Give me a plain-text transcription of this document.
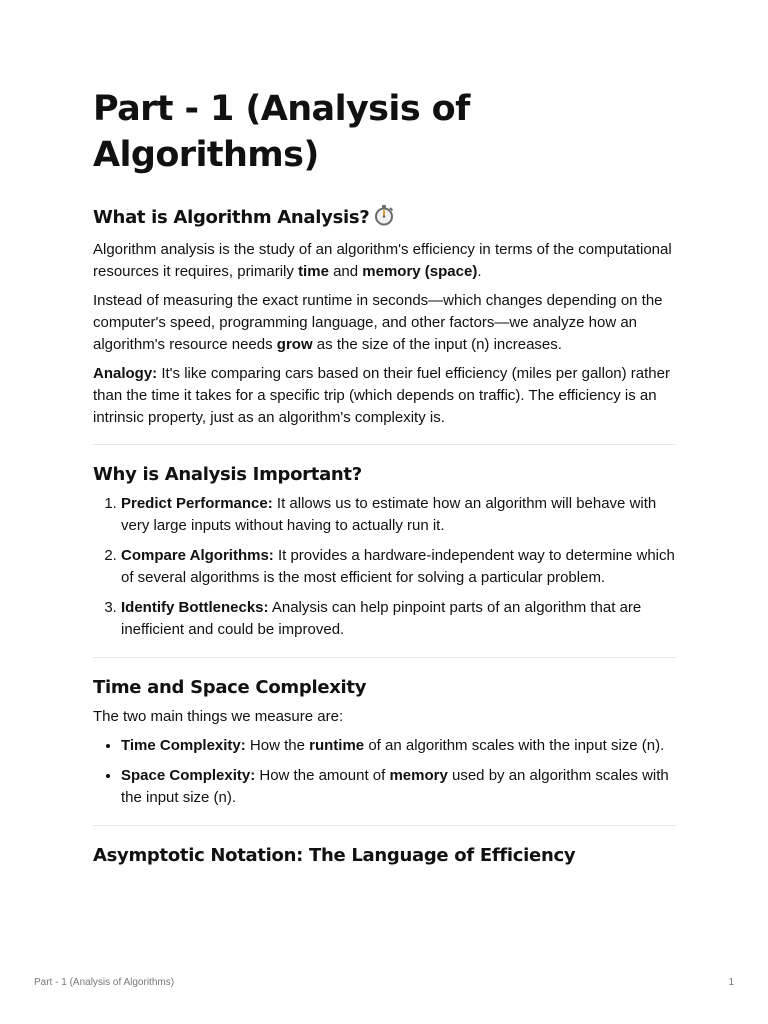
Part - 1 (Analysis of Algorithms)
What is Algorithm Analysis?

Algorithm analysis is the study of an algorithm's efficiency in terms of the computational resources it requires, primarily time and memory (space).

Instead of measuring the exact runtime in seconds—which changes depending on the computer's speed, programming language, and other factors—we analyze how an algorithm's resource needs grow as the size of the input (n) increases.

Analogy: It's like comparing cars based on their fuel efficiency (miles per gallon) rather than the time it takes for a specific trip (which depends on traffic). The efficiency is an intrinsic property, just as an algorithm's complexity is.

Why is Analysis Important?
1. Predict Performance: It allows us to estimate how an algorithm will behave with very large inputs without having to actually run it.
2. Compare Algorithms: It provides a hardware-independent way to determine which of several algorithms is the most efficient for solving a particular problem.
3. Identify Bottlenecks: Analysis can help pinpoint parts of an algorithm that are inefficient and could be improved.
Time and Space Complexity

The two main things we measure are:

• Time Complexity: How the runtime of an algorithm scales with the input size (n).
• Space Complexity: How the amount of memory used by an algorithm scales with the input size (n).
Asymptotic Notation: The Language of Efficiency
Part - 1 (Analysis of Algorithms)	1
